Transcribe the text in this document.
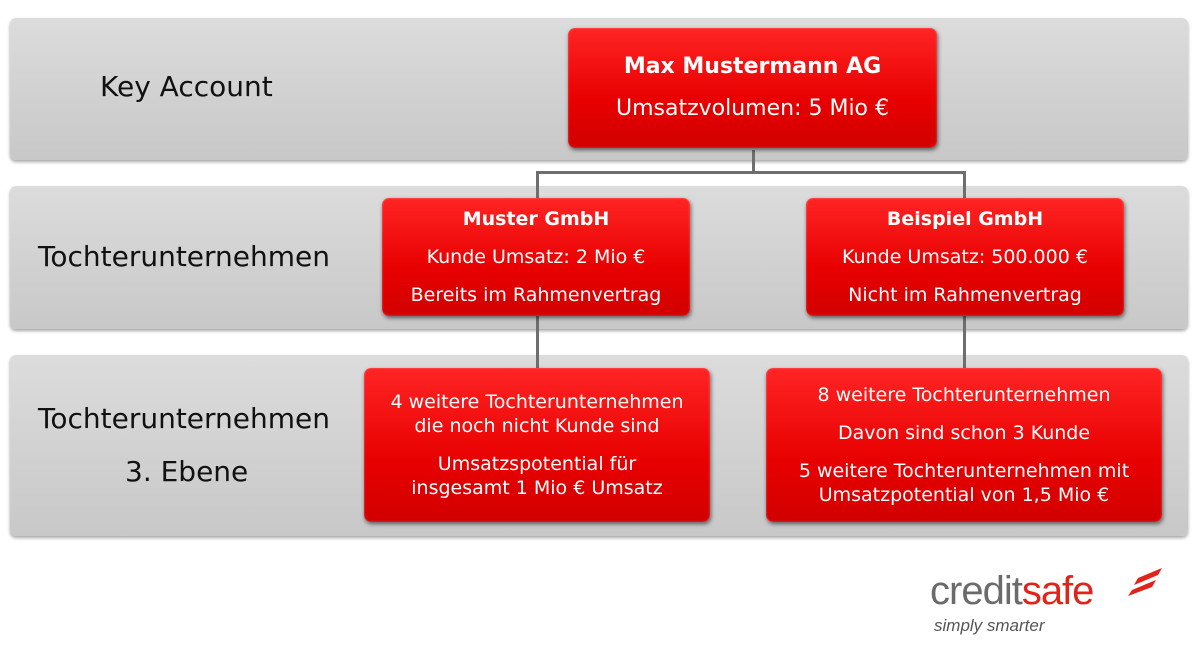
Key Account
Tochterunternehmen
Tochterunternehmen
3. Ebene
Max Mustermann AG
Umsatzvolumen: 5 Mio €
Muster GmbH
Kunde Umsatz: 2 Mio €
Bereits im Rahmenvertrag
Beispiel GmbH
Kunde Umsatz: 500.000 €
Nicht im Rahmenvertrag
4 weitere Tochterunternehmen
die noch nicht Kunde sind
Umsatzspotential für
insgesamt 1 Mio € Umsatz
8 weitere Tochterunternehmen
Davon sind schon 3 Kunde
5 weitere Tochterunternehmen mit
Umsatzpotential von 1,5 Mio €
creditsafe
simply smarter
